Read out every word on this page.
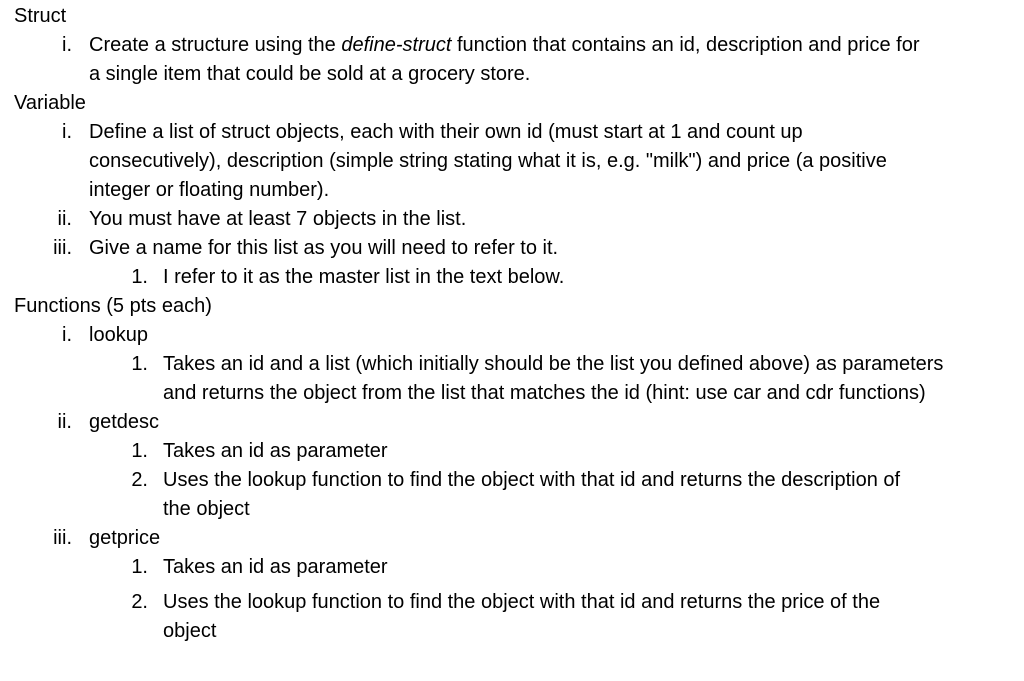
Struct
i. Create a structure using the define-struct function that contains an id, description and price for
a single item that could be sold at a grocery store.
Variable
i. Define a list of struct objects, each with their own id (must start at 1 and count up
consecutively), description (simple string stating what it is, e.g. "milk") and price (a positive
integer or floating number).
ii. You must have at least 7 objects in the list.
iii. Give a name for this list as you will need to refer to it.
1. I refer to it as the master list in the text below.
Functions (5 pts each)
i. lookup
1. Takes an id and a list (which initially should be the list you defined above) as parameters
and returns the object from the list that matches the id (hint: use car and cdr functions)
ii. getdesc
1. Takes an id as parameter
2. Uses the lookup function to find the object with that id and returns the description of
the object
iii. getprice
1. Takes an id as parameter
2. Uses the lookup function to find the object with that id and returns the price of the
object
